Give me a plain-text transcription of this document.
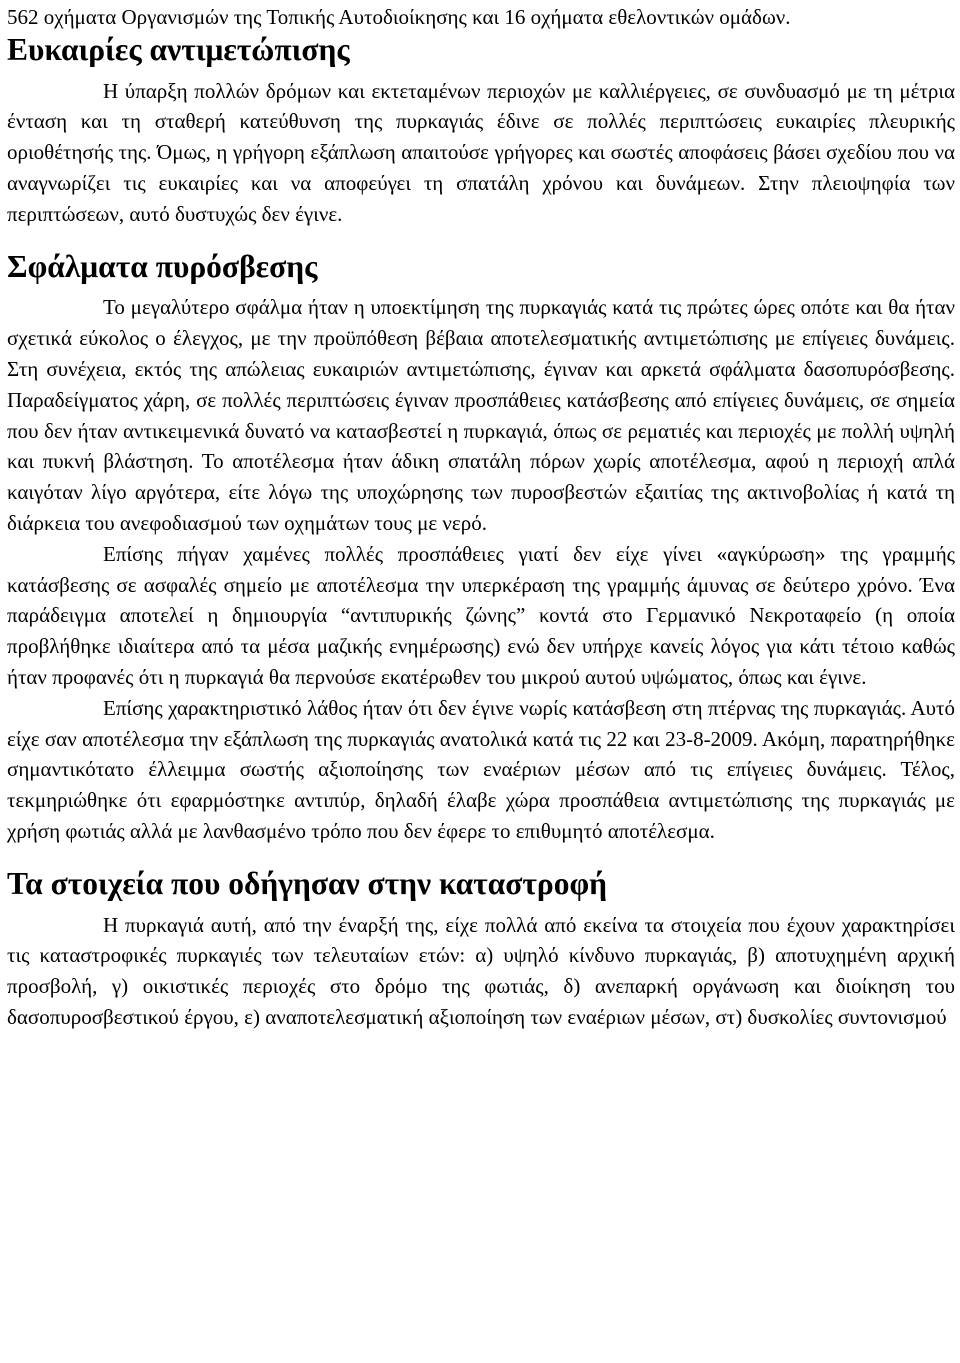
562 οχήματα Οργανισμών της Τοπικής Αυτοδιοίκησης και 16 οχήματα εθελοντικών ομάδων.

Ευκαιρίες αντιμετώπισης

Η ύπαρξη πολλών δρόμων και εκτεταμένων περιοχών με καλλιέργειες, σε συνδυασμό με τη μέτρια ένταση και τη σταθερή κατεύθυνση της πυρκαγιάς έδινε σε πολλές περιπτώσεις ευκαιρίες πλευρικής οριοθέτησής της. Όμως, η γρήγορη εξάπλωση απαιτούσε γρήγορες και σωστές αποφάσεις βάσει σχεδίου που να αναγνωρίζει τις ευκαιρίες και να αποφεύγει τη σπατάλη χρόνου και δυνάμεων. Στην πλειοψηφία των περιπτώσεων, αυτό δυστυχώς δεν έγινε.

Σφάλματα πυρόσβεσης

Το μεγαλύτερο σφάλμα ήταν η υποεκτίμηση της πυρκαγιάς κατά τις πρώτες ώρες οπότε και θα ήταν σχετικά εύκολος ο έλεγχος, με την προϋπόθεση βέβαια αποτελεσματικής αντιμετώπισης με επίγειες δυνάμεις. Στη συνέχεια, εκτός της απώλειας ευκαιριών αντιμετώπισης, έγιναν και αρκετά σφάλματα δασοπυρόσβεσης. Παραδείγματος χάρη, σε πολλές περιπτώσεις έγιναν προσπάθειες κατάσβεσης από επίγειες δυνάμεις, σε σημεία που δεν ήταν αντικειμενικά δυνατό να κατασβεστεί η πυρκαγιά, όπως σε ρεματιές και περιοχές με πολλή υψηλή και πυκνή βλάστηση. Το αποτέλεσμα ήταν άδικη σπατάλη πόρων χωρίς αποτέλεσμα, αφού η περιοχή απλά καιγόταν λίγο αργότερα, είτε λόγω της υποχώρησης των πυροσβεστών εξαιτίας της ακτινοβολίας ή κατά τη διάρκεια του ανεφοδιασμού των οχημάτων τους με νερό.

Επίσης πήγαν χαμένες πολλές προσπάθειες γιατί δεν είχε γίνει «αγκύρωση» της γραμμής κατάσβεσης σε ασφαλές σημείο με αποτέλεσμα την υπερκέραση της γραμμής άμυνας σε δεύτερο χρόνο. Ένα παράδειγμα αποτελεί η δημιουργία “αντιπυρικής ζώνης” κοντά στο Γερμανικό Νεκροταφείο (η οποία προβλήθηκε ιδιαίτερα από τα μέσα μαζικής ενημέρωσης) ενώ δεν υπήρχε κανείς λόγος για κάτι τέτοιο καθώς ήταν προφανές ότι η πυρκαγιά θα περνούσε εκατέρωθεν του μικρού αυτού υψώματος, όπως και έγινε.

Επίσης χαρακτηριστικό λάθος ήταν ότι δεν έγινε νωρίς κατάσβεση στη πτέρνας της πυρκαγιάς. Αυτό είχε σαν αποτέλεσμα την εξάπλωση της πυρκαγιάς ανατολικά κατά τις 22 και 23-8-2009. Ακόμη, παρατηρήθηκε σημαντικότατο έλλειμμα σωστής αξιοποίησης των εναέριων μέσων από τις επίγειες δυνάμεις. Τέλος, τεκμηριώθηκε ότι εφαρμόστηκε αντιπύρ, δηλαδή έλαβε χώρα προσπάθεια αντιμετώπισης της πυρκαγιάς με χρήση φωτιάς αλλά με λανθασμένο τρόπο που δεν έφερε το επιθυμητό αποτέλεσμα.

Τα στοιχεία που οδήγησαν στην καταστροφή

Η πυρκαγιά αυτή, από την έναρξή της, είχε πολλά από εκείνα τα στοιχεία που έχουν χαρακτηρίσει τις καταστροφικές πυρκαγιές των τελευταίων ετών: α) υψηλό κίνδυνο πυρκαγιάς, β) αποτυχημένη αρχική προσβολή, γ) οικιστικές περιοχές στο δρόμο της φωτιάς, δ) ανεπαρκή οργάνωση και διοίκηση του δασοπυροσβεστικού έργου, ε) αναποτελεσματική αξιοποίηση των εναέριων μέσων, στ) δυσκολίες συντονισμού
